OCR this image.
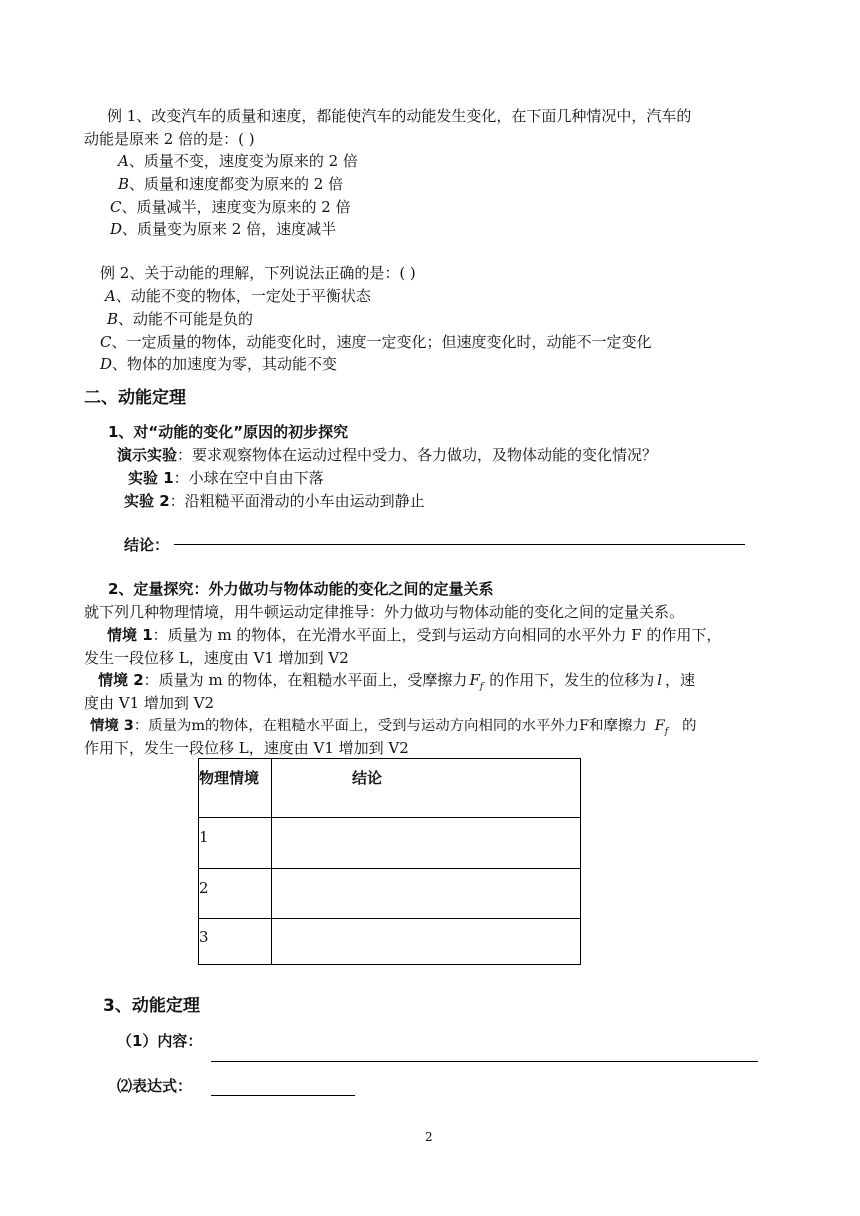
例 1、改变汽车的质量和速度，都能使汽车的动能发生变化，在下面几种情况中，汽车的
动能是原来 2 倍的是：( )
A、质量不变，速度变为原来的 2 倍
B、质量和速度都变为原来的 2 倍
C、质量减半，速度变为原来的 2 倍
D、质量变为原来 2 倍，速度减半
例 2、关于动能的理解，下列说法正确的是：( )
A、动能不变的物体，一定处于平衡状态
B、动能不可能是负的
C、一定质量的物体，动能变化时，速度一定变化；但速度变化时，动能不一定变化
D、物体的加速度为零，其动能不变
二、动能定理
1、对“动能的变化”原因的初步探究
演示实验：要求观察物体在运动过程中受力、各力做功，及物体动能的变化情况？
实验 1：小球在空中自由下落
实验 2：沿粗糙平面滑动的小车由运动到静止
结论：
2、定量探究：外力做功与物体动能的变化之间的定量关系
就下列几种物理情境，用牛顿运动定律推导：外力做功与物体动能的变化之间的定量关系。
情境 1：质量为 m 的物体，在光滑水平面上，受到与运动方向相同的水平外力 F 的作用下，
发生一段位移 L，速度由 V1 增加到 V2
情境 2：质量为 m 的物体，在粗糙水平面上，受摩擦力 $F_f$ 的作用下，发生的位移为 l ，速
度由 V1 增加到 V2
情境 3：质量为m的物体，在粗糙水平面上，受到与运动方向相同的水平外力F和摩擦力 $F_f$ 的
作用下，发生一段位移 L，速度由 V1 增加到 V2
物理情境	结论

1	

2	

3	

3、动能定理
（1）内容：
⑵表达式：
2
